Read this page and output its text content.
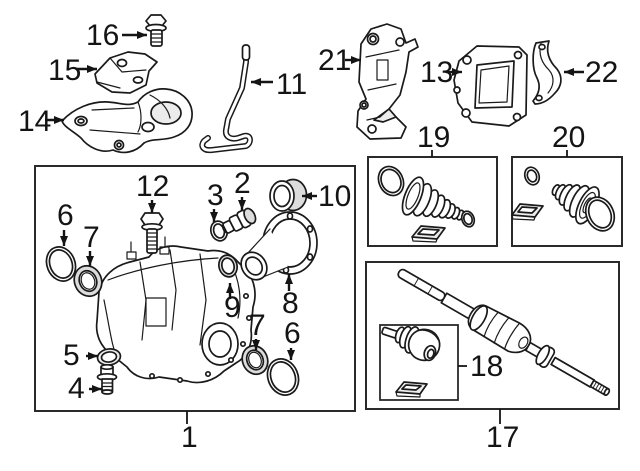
16
15
14
11
21 13	22
19	20
12 3 2 10
6
7
9 8
7 6
5
4
1
18
17
